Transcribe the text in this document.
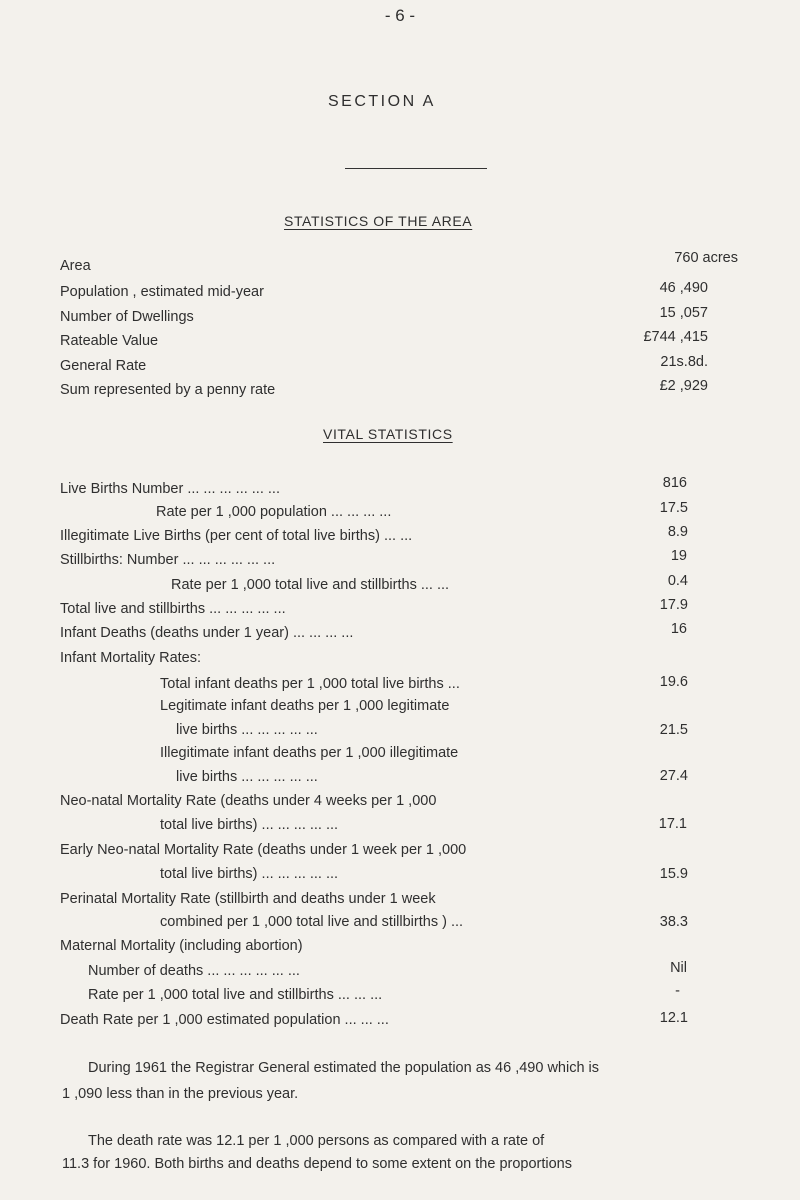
- 6 -
SECTION A
STATISTICS OF THE AREA
Area	760 acres
Population , estimated mid-year	46 ,490
Number of Dwellings	15 ,057
Rateable Value	£744 ,415
General Rate	21s.8d.
Sum represented by a penny rate	£2 ,929
VITAL STATISTICS
Live Births Number ... ... ... ... ... ...	816
Rate per 1 ,000 population ... ... ... ...	17.5
Illegitimate Live Births (per cent of total live births) ... ...	8.9
Stillbirths: Number ... ... ... ... ... ...	19
Rate per 1 ,000 total live and stillbirths ... ...	0.4
Total live and stillbirths ... ... ... ... ...	17.9
Infant Deaths (deaths under 1 year) ... ... ... ...	16
Infant Mortality Rates:
Total infant deaths per 1 ,000 total live births ...	19.6
Legitimate infant deaths per 1 ,000 legitimate
live births ... ... ... ... ...	21.5
Illegitimate infant deaths per 1 ,000 illegitimate
live births ... ... ... ... ...	27.4
Neo-natal Mortality Rate (deaths under 4 weeks per 1 ,000
total live births) ... ... ... ... ...	17.1
Early Neo-natal Mortality Rate (deaths under 1 week per 1 ,000
total live births) ... ... ... ... ...	15.9
Perinatal Mortality Rate (stillbirth and deaths under 1 week
combined per 1 ,000 total live and stillbirths ) ...	38.3
Maternal Mortality (including abortion)
Number of deaths ... ... ... ... ... ...	Nil
Rate per 1 ,000 total live and stillbirths ... ... ...	-
Death Rate per 1 ,000 estimated population ... ... ...	12.1
During 1961 the Registrar General estimated the population as 46 ,490 which is
1 ,090 less than in the previous year.
The death rate was 12.1 per 1 ,000 persons as compared with a rate of
11.3 for 1960. Both births and deaths depend to some extent on the proportions
